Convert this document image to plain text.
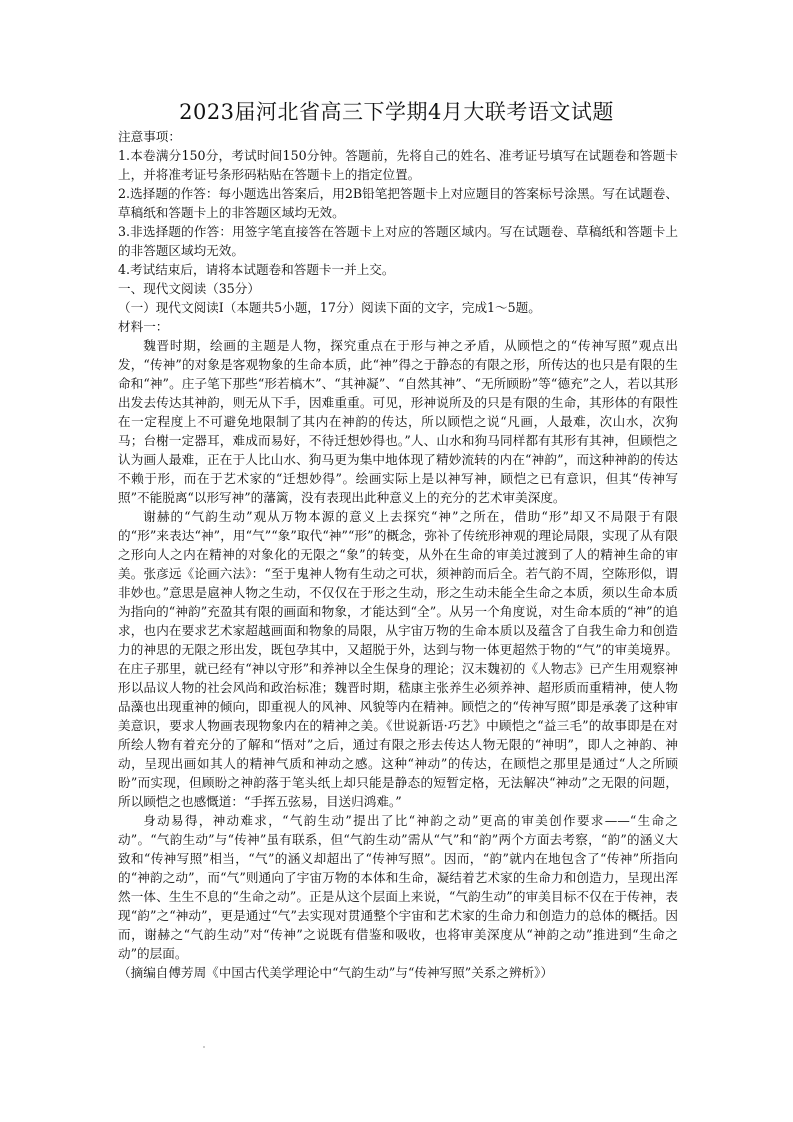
2023届河北省高三下学期4月大联考语文试题

注意事项：

1.本卷满分150分，考试时间150分钟。答题前，先将自己的姓名、准考证号填写在试题卷和答题卡上，并将准考证号条形码粘贴在答题卡上的指定位置。

2.选择题的作答：每小题选出答案后，用2B铅笔把答题卡上对应题目的答案标号涂黑。写在试题卷、草稿纸和答题卡上的非答题区域均无效。

3.非选择题的作答：用签字笔直接答在答题卡上对应的答题区域内。写在试题卷、草稿纸和答题卡上的非答题区域均无效。

4.考试结束后，请将本试题卷和答题卡一并上交。

一、现代文阅读（35分）

（一）现代文阅读Ⅰ（本题共5小题，17分）阅读下面的文字，完成1～5题。

材料一：

魏晋时期，绘画的主题是人物，探究重点在于形与神之矛盾，从顾恺之的“传神写照”观点出发，“传神”的对象是客观物象的生命本质，此“神”得之于静态的有限之形，所传达的也只是有限的生命和“神”。庄子笔下那些“形若槁木”、“其神凝”、“自然其神”、“无所顾盼”等“德充”之人，若以其形出发去传达其神韵，则无从下手，因难重重。可见，形神说所及的只是有限的生命，其形体的有限性在一定程度上不可避免地限制了其内在神韵的传达，所以顾恺之说“凡画，人最难，次山水，次狗马；台榭一定器耳，难成而易好，不待迁想妙得也。”人、山水和狗马同样都有其形有其神，但顾恺之认为画人最难，正在于人比山水、狗马更为集中地体现了精妙流转的内在“神韵”，而这种神韵的传达不赖于形，而在于艺术家的“迁想妙得”。绘画实际上是以神写神，顾恺之已有意识，但其“传神写照”不能脱离“以形写神”的藩篱，没有表现出此种意义上的充分的艺术审美深度。

谢赫的“气韵生动”观从万物本源的意义上去探究“神”之所在，借助“形”却又不局限于有限的“形”来表达“神”，用“气”“象”取代“神”“形”的概念，弥补了传统形神观的理论局限，实现了从有限之形向人之内在精神的对象化的无限之“象”的转变，从外在生命的审美过渡到了人的精神生命的审美。张彦远《论画六法》：“至于鬼神人物有生动之可状，须神韵而后全。若气韵不周，空陈形似，谓非妙也。”意思是扈神人物之生动，不仅仅在于形之生动，形之生动未能全生命之本质，须以生命本质为指向的“神韵”充盈其有限的画面和物象，才能达到“全”。从另一个角度说，对生命本质的“神”的追求，也内在要求艺术家超越画面和物象的局限，从宇宙万物的生命本质以及蕴含了自我生命力和创造力的神思的无限之形出发，既包孕其中，又超脱于外，达到与物一体更超然于物的“气”的审美境界。在庄子那里，就已经有“神以守形”和养神以全生保身的理论；汉末魏初的《人物志》已产生用观察神形以品议人物的社会风尚和政治标准；魏晋时期，嵇康主张养生必须养神、超形质而重精神，使人物品藻也出现重神的倾向，即重视人的风神、风貌等内在精神。顾恺之的“传神写照”即是承袭了这种审美意识，要求人物画表现物象内在的精神之美。《世说新语·巧艺》中顾恺之“益三毛”的故事即是在对所绘人物有着充分的了解和“悟对”之后，通过有限之形去传达人物无限的“神明”，即人之神韵、神动，呈现出画如其人的精神气质和神动之感。这种“神动”的传达，在顾恺之那里是通过“人之所顾盼”而实现，但顾盼之神韵落于笔头纸上却只能是静态的短暂定格，无法解决“神动”之无限的问题，所以顾恺之也感慨道：“手挥五弦易，目送归鸿难。”

身动易得，神动难求，“气韵生动”提出了比“神韵之动”更高的审美创作要求——“生命之动”。“气韵生动”与“传神”虽有联系，但“气韵生动”需从“气”和“韵”两个方面去考察，“韵”的涵义大致和“传神写照”相当，“气”的涵义却超出了“传神写照”。因而，“韵”就内在地包含了“传神”所指向的“神韵之动”，而“气”则通向了宇宙万物的本体和生命，凝结着艺术家的生命力和创造力，呈现出浑然一体、生生不息的“生命之动”。正是从这个层面上来说，“气韵生动”的审美目标不仅在于传神，表现“韵”之“神动”，更是通过“气”去实现对贯通整个宇宙和艺术家的生命力和创造力的总体的概括。因而，谢赫之“气韵生动”对“传神”之说既有借鉴和吸收，也将审美深度从“神韵之动”推进到“生命之动”的层面。

（摘编自傅芳周《中国古代美学理论中“气韵生动”与“传神写照”关系之辨析》）
